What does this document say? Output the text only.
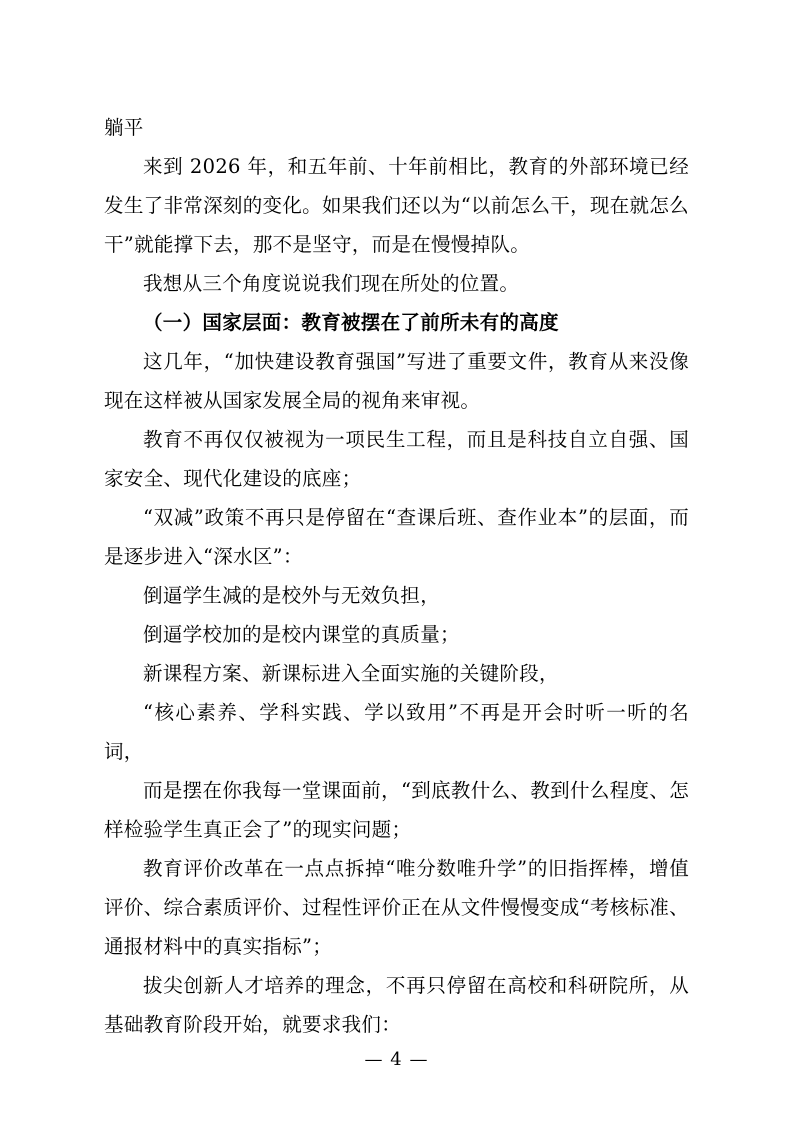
躺平

来到 2026 年，和五年前、十年前相比，教育的外部环境已经发生了非常深刻的变化。如果我们还以为“以前怎么干，现在就怎么干”就能撑下去，那不是坚守，而是在慢慢掉队。

我想从三个角度说说我们现在所处的位置。

（一）国家层面：教育被摆在了前所未有的高度

这几年，“加快建设教育强国”写进了重要文件，教育从来没像现在这样被从国家发展全局的视角来审视。

教育不再仅仅被视为一项民生工程，而且是科技自立自强、国家安全、现代化建设的底座；

“双减”政策不再只是停留在“查课后班、查作业本”的层面，而是逐步进入“深水区”：

倒逼学生减的是校外与无效负担，

倒逼学校加的是校内课堂的真质量；

新课程方案、新课标进入全面实施的关键阶段，

“核心素养、学科实践、学以致用”不再是开会时听一听的名词，

而是摆在你我每一堂课面前，“到底教什么、教到什么程度、怎样检验学生真正会了”的现实问题；

教育评价改革在一点点拆掉“唯分数唯升学”的旧指挥棒，增值评价、综合素质评价、过程性评价正在从文件慢慢变成“考核标准、通报材料中的真实指标”；

拔尖创新人才培养的理念，不再只停留在高校和科研院所，从基础教育阶段开始，就要求我们：

— 4 —
